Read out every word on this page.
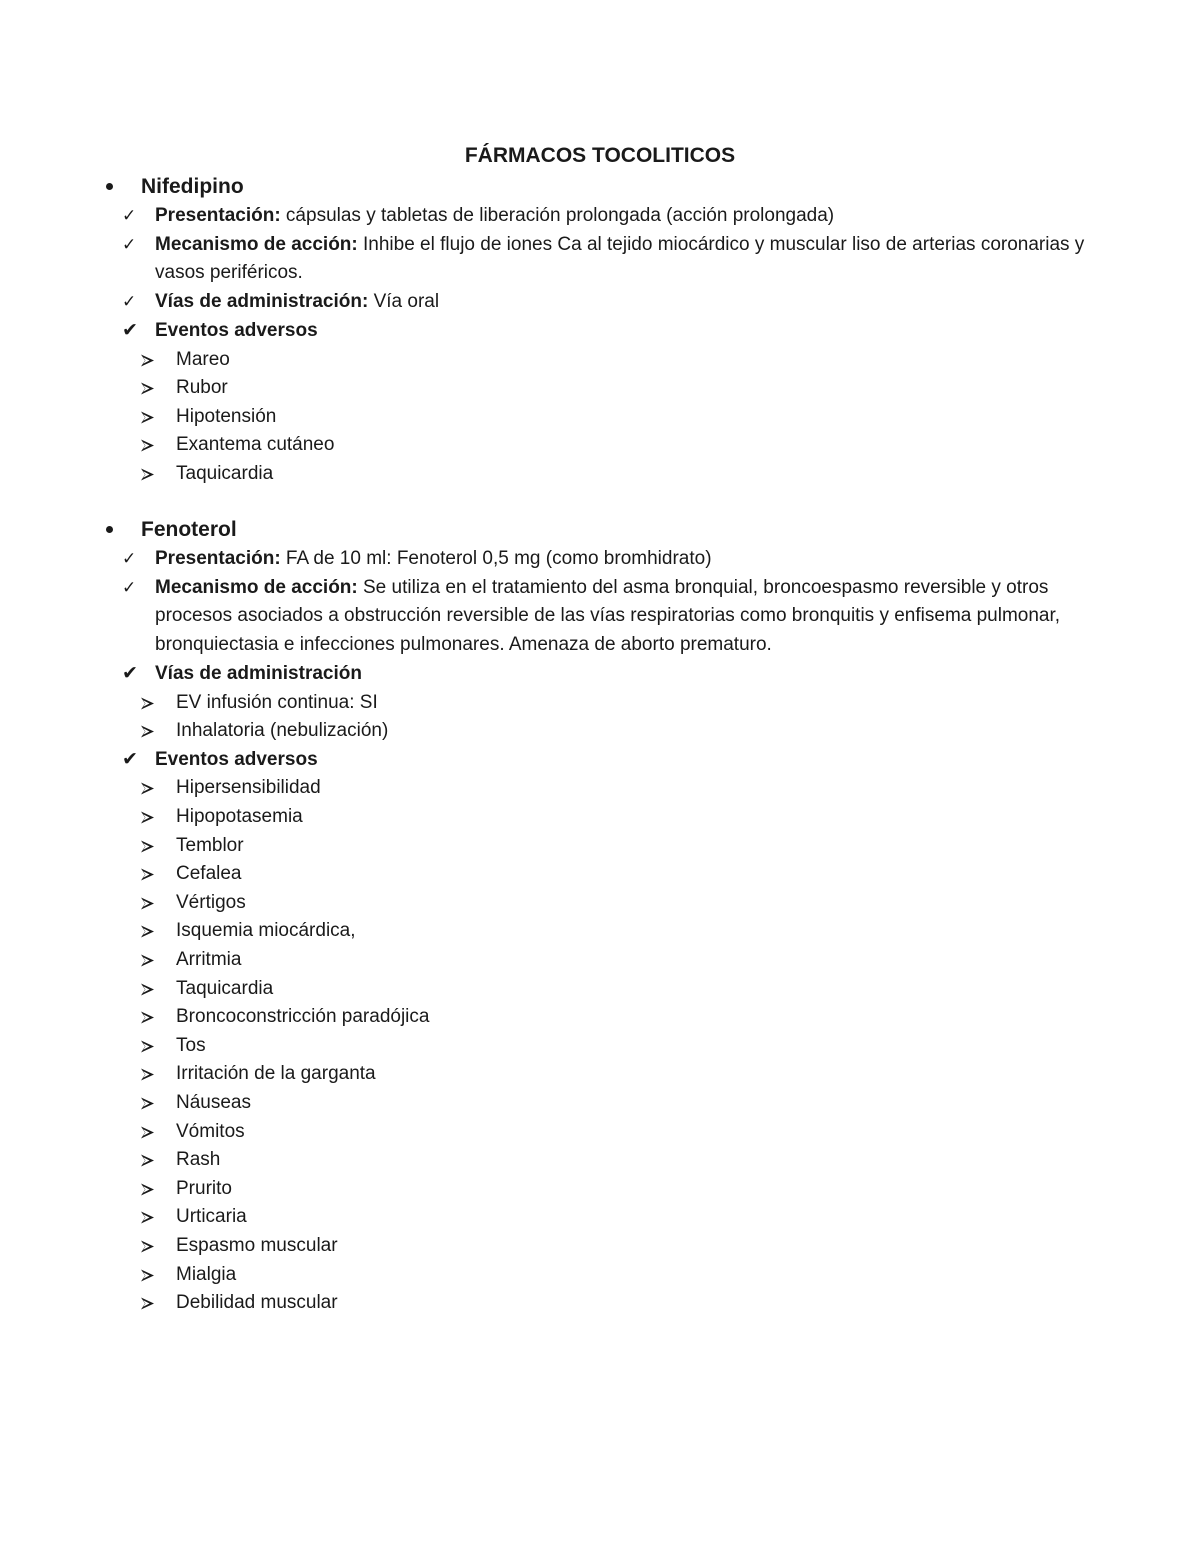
FÁRMACOS TOCOLITICOS
Nifedipino
✓ Presentación: cápsulas y tabletas de liberación prolongada (acción prolongada)
✓ Mecanismo de acción: Inhibe el flujo de iones Ca al tejido miocárdico y muscular liso de arterias coronarias y vasos periféricos.
✓ Vías de administración: Vía oral
✔ Eventos adversos
Mareo
Rubor
Hipotensión
Exantema cutáneo
Taquicardia
Fenoterol
✓ Presentación: FA de 10 ml: Fenoterol 0,5 mg (como bromhidrato)
✓ Mecanismo de acción: Se utiliza en el tratamiento del asma bronquial, broncoespasmo reversible y otros procesos asociados a obstrucción reversible de las vías respiratorias como bronquitis y enfisema pulmonar, bronquiectasia e infecciones pulmonares. Amenaza de aborto prematuro.
✔ Vías de administración
EV infusión continua: SI
Inhalatoria (nebulización)
✔ Eventos adversos
Hipersensibilidad
Hipopotasemia
Temblor
Cefalea
Vértigos
Isquemia miocárdica,
Arritmia
Taquicardia
Broncoconstricción paradójica
Tos
Irritación de la garganta
Náuseas
Vómitos
Rash
Prurito
Urticaria
Espasmo muscular
Mialgia
Debilidad muscular
